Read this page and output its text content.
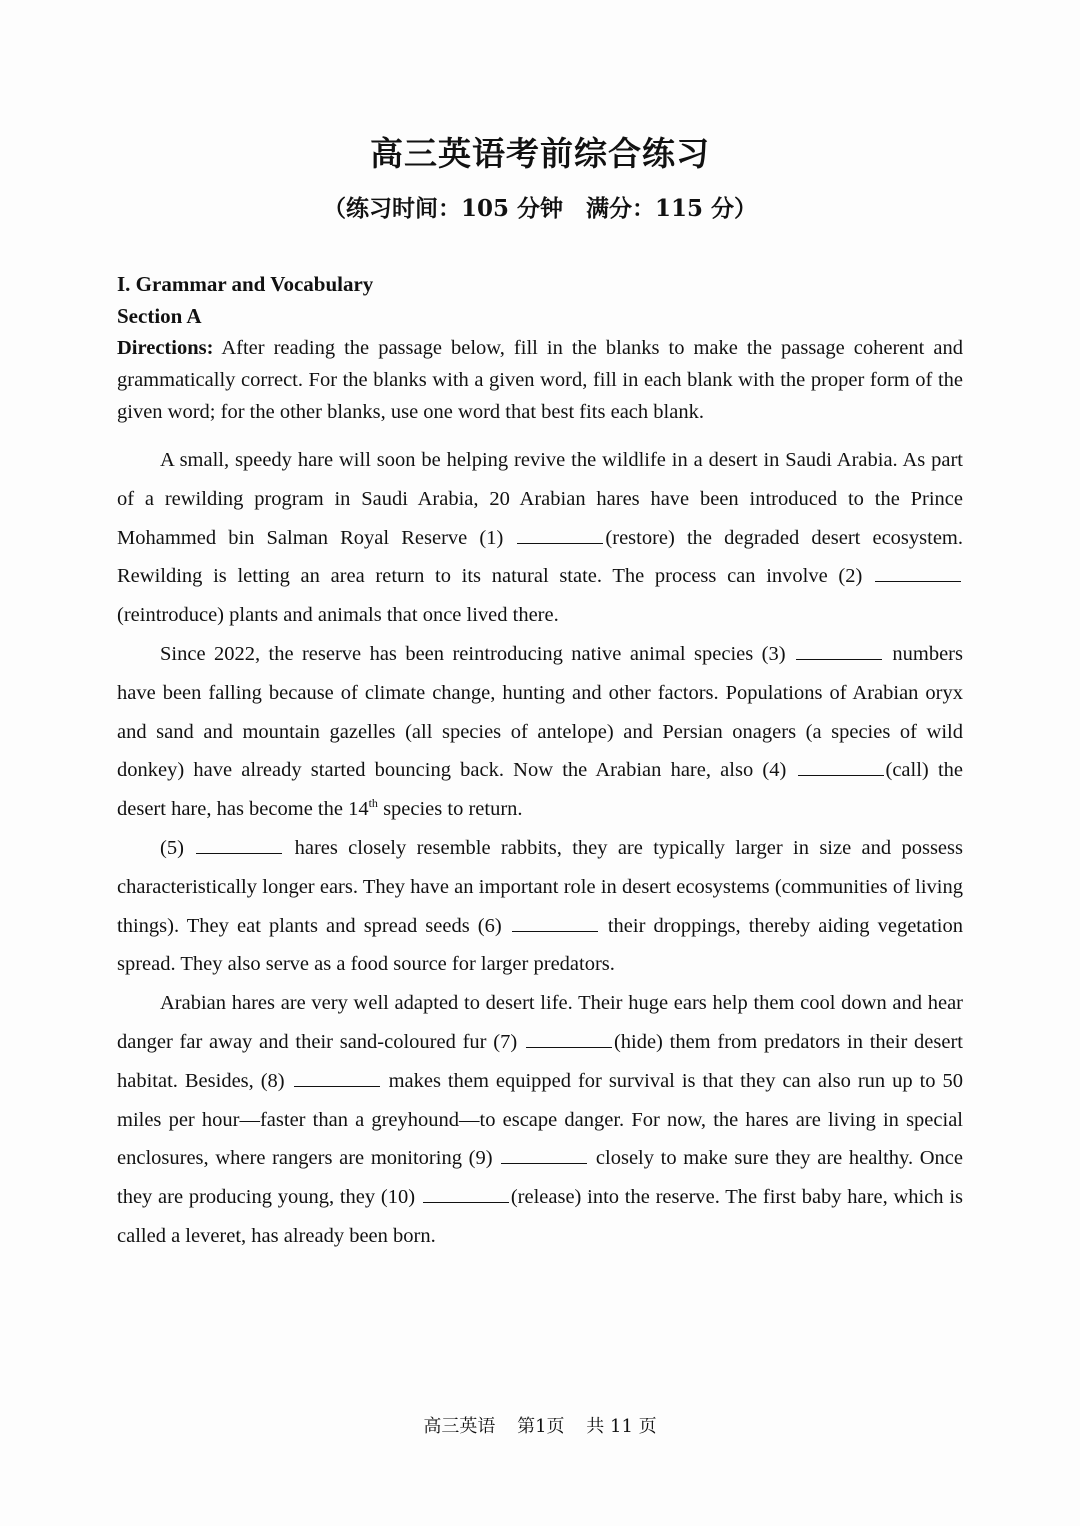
高三英语考前综合练习
（练习时间：105 分钟　满分：115 分）

I. Grammar and Vocabulary

Section A

Directions: After reading the passage below, fill in the blanks to make the passage coherent and grammatically correct. For the blanks with a given word, fill in each blank with the proper form of the given word; for the other blanks, use one word that best fits each blank.

A small, speedy hare will soon be helping revive the wildlife in a desert in Saudi Arabia. As part of a rewilding program in Saudi Arabia, 20 Arabian hares have been introduced to the Prince Mohammed bin Salman Royal Reserve (1)	(restore) the degraded desert ecosystem. Rewilding is letting an area return to its natural state. The process can involve (2) (reintroduce) plants and animals that once lived there.

Since 2022, the reserve has been reintroducing native animal species (3)	numbers have been falling because of climate change, hunting and other factors. Populations of Arabian oryx and sand and mountain gazelles (all species of antelope) and Persian onagers (a species of wild donkey) have already started bouncing back. Now the Arabian hare, also (4)	(call) the desert hare, has become the 14th species to return.

(5)	hares closely resemble rabbits, they are typically larger in size and possess characteristically longer ears. They have an important role in desert ecosystems (communities of living things). They eat plants and spread seeds (6)	their droppings, thereby aiding vegetation spread. They also serve as a food source for larger predators.

Arabian hares are very well adapted to desert life. Their huge ears help them cool down and hear danger far away and their sand-coloured fur (7)	(hide) them from predators in their desert habitat. Besides, (8)	makes them equipped for survival is that they can also run up to 50 miles per hour—faster than a greyhound—to escape danger. For now, the hares are living in special enclosures, where rangers are monitoring (9)	closely to make sure they are healthy. Once they are producing young, they (10)	(release) into the reserve. The first baby hare, which is called a leveret, has already been born.

高三英语 第1页 共 11 页
